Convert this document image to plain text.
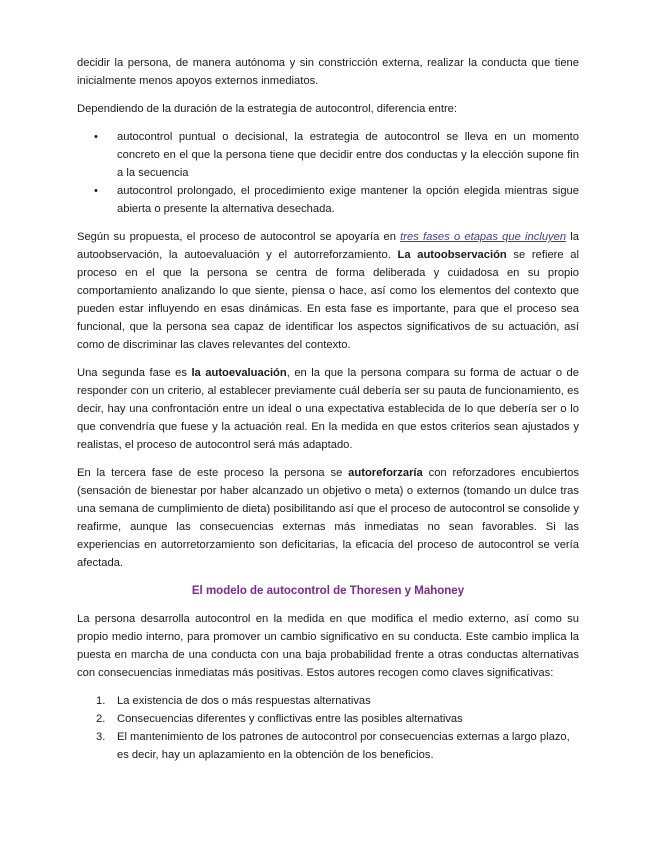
decidir la persona, de manera autónoma y sin constricción externa, realizar la conducta que tiene inicialmente menos apoyos externos inmediatos.

Dependiendo de la duración de la estrategia de autocontrol, diferencia entre:

• autocontrol puntual o decisional, la estrategia de autocontrol se lleva en un momento concreto en el que la persona tiene que decidir entre dos conductas y la elección supone fin a la secuencia
• autocontrol prolongado, el procedimiento exige mantener la opción elegida mientras sigue abierta o presente la alternativa desechada.

Según su propuesta, el proceso de autocontrol se apoyaría en tres fases o etapas que incluyen la autoobservación, la autoevaluación y el autorreforzamiento. La autoobservación se refiere al proceso en el que la persona se centra de forma deliberada y cuidadosa en su propio comportamiento analizando lo que siente, piensa o hace, así como los elementos del contexto que pueden estar influyendo en esas dinámicas. En esta fase es importante, para que el proceso sea funcional, que la persona sea capaz de identificar los aspectos significativos de su actuación, así como de discriminar las claves relevantes del contexto.

Una segunda fase es la autoevaluación, en la que la persona compara su forma de actuar o de responder con un criterio, al establecer previamente cuál debería ser su pauta de funcionamiento, es decir, hay una confrontación entre un ideal o una expectativa establecida de lo que debería ser o lo que convendría que fuese y la actuación real. En la medida en que estos criterios sean ajustados y realistas, el proceso de autocontrol será más adaptado.

En la tercera fase de este proceso la persona se autoreforzaría con reforzadores encubiertos (sensación de bienestar por haber alcanzado un objetivo o meta) o externos (tomando un dulce tras una semana de cumplimiento de dieta) posibilitando así que el proceso de autocontrol se consolide y reafirme, aunque las consecuencias externas más inmediatas no sean favorables. Si las experiencias en autorretorzamiento son deficitarias, la eficacia del proceso de autocontrol se vería afectada.

El modelo de autocontrol de Thoresen y Mahoney

La persona desarrolla autocontrol en la medida en que modifica el medio externo, así como su propio medio interno, para promover un cambio significativo en su conducta. Este cambio implica la puesta en marcha de una conducta con una baja probabilidad frente a otras conductas alternativas con consecuencias inmediatas más positivas. Estos autores recogen como claves significativas:

1. La existencia de dos o más respuestas alternativas
2. Consecuencias diferentes y conflictivas entre las posibles alternativas
3. El mantenimiento de los patrones de autocontrol por consecuencias externas a largo plazo, es decir, hay un aplazamiento en la obtención de los beneficios.
